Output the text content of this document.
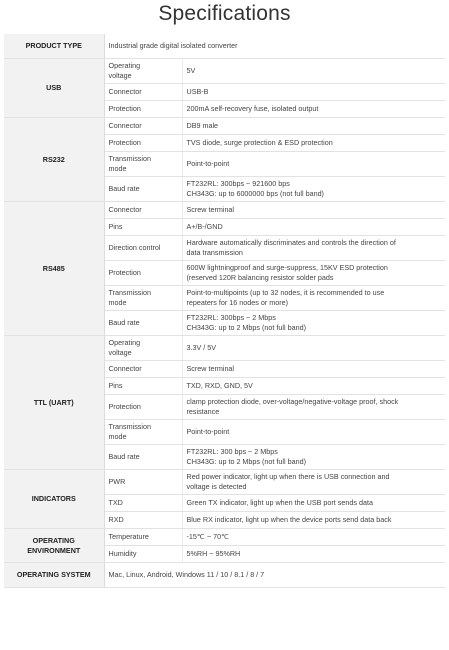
Specifications
PRODUCT TYPE	Industrial grade digital isolated converter	
USB	Operating
voltage	5V

	Connector	USB-B

	Protection	200mA self-recovery fuse, isolated output

RS232	Connector	DB9 male

	Protection	TVS diode, surge protection & ESD protection

	Transmission
mode	Point-to-point

	Baud rate	FT232RL: 300bps ~ 921600 bps
CH343G: up to 6000000 bps (not full band)

RS485	Connector	Screw terminal

	Pins	A+/B-/GND

	Direction control	Hardware automatically discriminates and controls the direction of
data transmission

	Protection	600W lightningproof and surge-suppress, 15KV ESD protection
(reserved 120R balancing resistor solder pads

	Transmission
mode	Point-to-multipoints (up to 32 nodes, it is recommended to use
repeaters for 16 nodes or more)

	Baud rate	FT232RL: 300bps ~ 2 Mbps
CH343G: up to 2 Mbps (not full band)

TTL (UART)	Operating
voltage	3.3V / 5V

	Connector	Screw terminal

	Pins	TXD, RXD, GND, 5V

	Protection	clamp protection diode, over-voltage/negative-voltage proof, shock
resistance

	Transmission
mode	Point-to-point

	Baud rate	FT232RL: 300 bps ~ 2 Mbps
CH343G: up to 2 Mbps (not full band)

INDICATORS	PWR	Red power indicator, light up when there is USB connection and
voltage is detected

	TXD	Green TX indicator, light up when the USB port sends data

	RXD	Blue RX indicator, light up when the device ports send data back

OPERATING
ENVIRONMENT	Temperature	-15℃ ~ 70℃

	Humidity	5%RH ~ 95%RH

OPERATING SYSTEM	Mac, Linux, Android, Windows 11 / 10 / 8.1 / 8 / 7	
